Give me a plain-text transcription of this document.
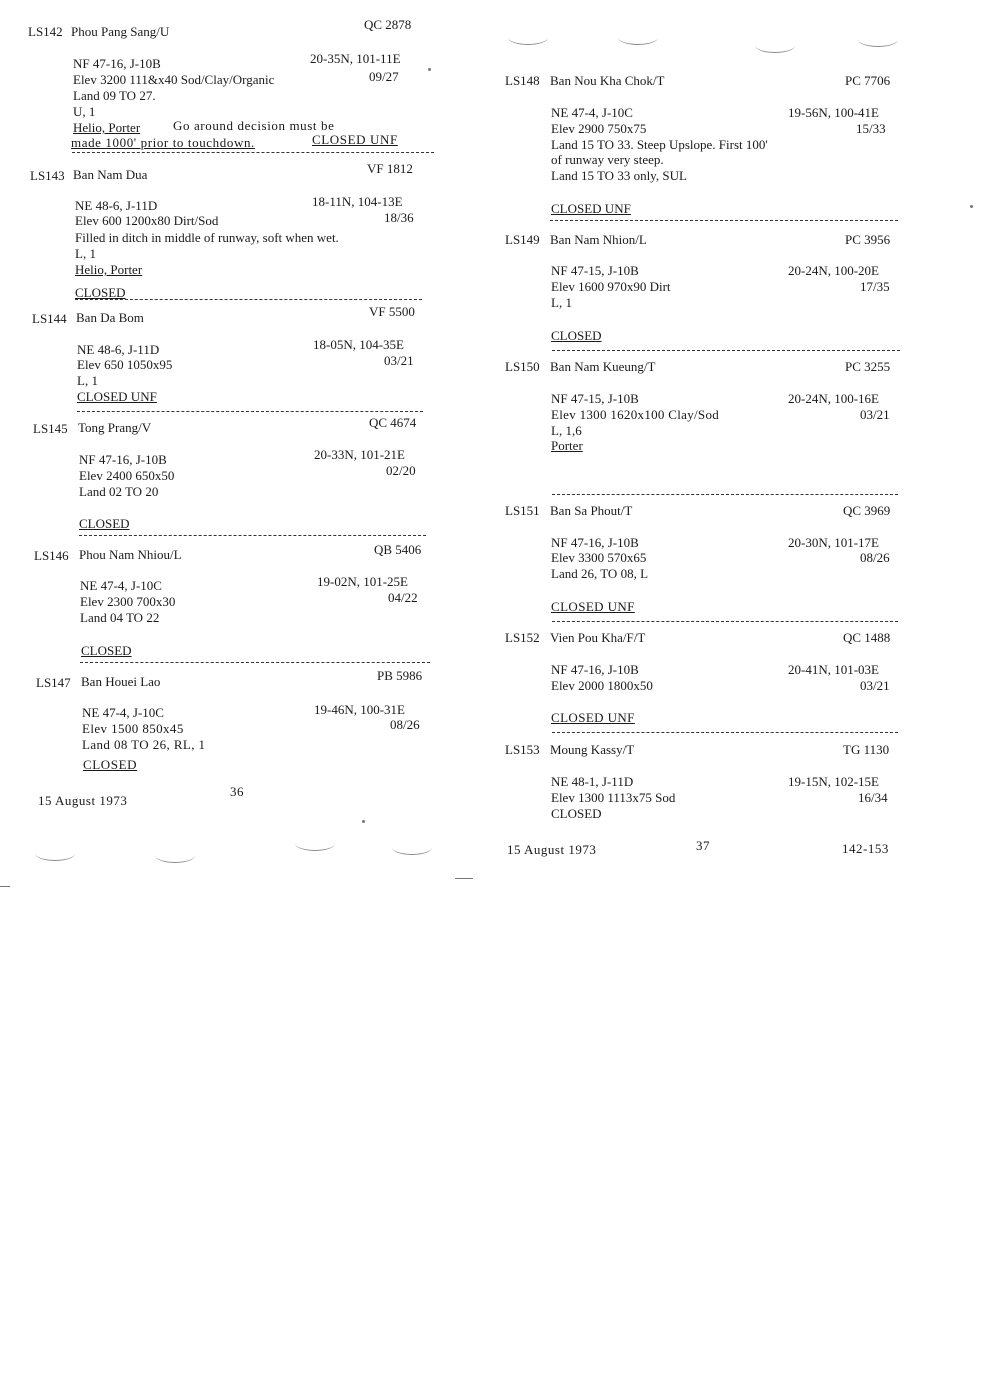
LS142 Phou Pang Sang/U	QC 2878
NF 47-16, J-10B	20-35N, 101-11E
Elev 3200 111&x40 Sod/Clay/Organic	09/27
Land 09 TO 27.
U, 1
Helio, Porter	Go around decision must be
made 1000' prior to touchdown.	CLOSED UNF
LS143 Ban Nam Dua	VF 1812
NE 48-6, J-11D	18-11N, 104-13E
Elev 600 1200x80 Dirt/Sod	18/36
Filled in ditch in middle of runway, soft when wet.
L, 1
Helio, Porter
CLOSED
LS144 Ban Da Bom	VF 5500
NE 48-6, J-11D	18-05N, 104-35E
Elev 650 1050x95	03/21
L, 1
CLOSED UNF
LS145 Tong Prang/V	QC 4674
NF 47-16, J-10B	20-33N, 101-21E
Elev 2400 650x50	02/20
Land 02 TO 20
CLOSED
LS146 Phou Nam Nhiou/L	QB 5406
NE 47-4, J-10C	19-02N, 101-25E
Elev 2300 700x30	04/22
Land 04 TO 22
CLOSED
LS147 Ban Houei Lao	PB 5986
NE 47-4, J-10C	19-46N, 100-31E
Elev 1500 850x45	08/26
Land 08 TO 26, RL, 1
CLOSED
15 August 1973
36
LS148 Ban Nou Kha Chok/T	PC 7706
NE 47-4, J-10C	19-56N, 100-41E
Elev 2900 750x75	15/33
Land 15 TO 33. Steep Upslope. First 100'
of runway very steep.
Land 15 TO 33 only, SUL
CLOSED UNF
LS149 Ban Nam Nhion/L	PC 3956
NF 47-15, J-10B	20-24N, 100-20E
Elev 1600 970x90 Dirt	17/35
L, 1
CLOSED
LS150 Ban Nam Kueung/T	PC 3255
NF 47-15, J-10B	20-24N, 100-16E
Elev 1300 1620x100 Clay/Sod	03/21
L, 1,6
Porter
LS151 Ban Sa Phout/T	QC 3969
NF 47-16, J-10B	20-30N, 101-17E
Elev 3300 570x65	08/26
Land 26, TO 08, L
CLOSED UNF
LS152 Vien Pou Kha/F/T	QC 1488
NF 47-16, J-10B	20-41N, 101-03E
Elev 2000 1800x50	03/21
CLOSED UNF
LS153 Moung Kassy/T	TG 1130
NE 48-1, J-11D	19-15N, 102-15E
Elev 1300 1113x75 Sod	16/34
CLOSED
15 August 1973	37	142-153
